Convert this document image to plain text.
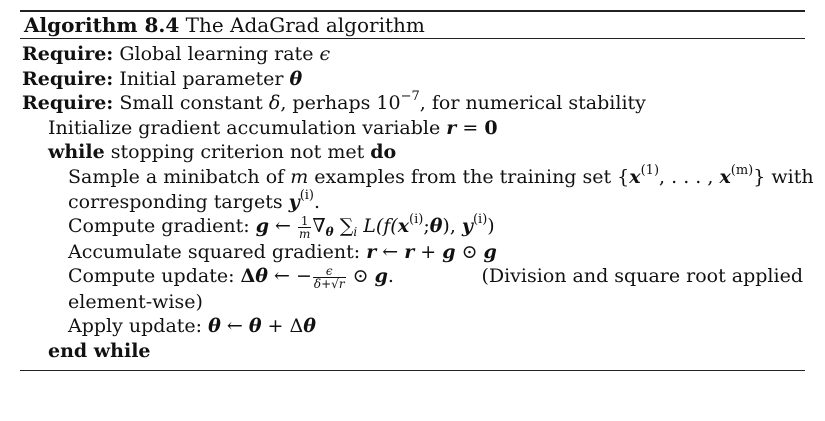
Algorithm 8.4 The AdaGrad algorithm
Require: Global learning rate ϵ
Require: Initial parameter θ
Require: Small constant δ, perhaps $10^{-7}$, for numerical stability
Initialize gradient accumulation variable r = 0
while stopping criterion not met do
Sample a minibatch of m examples from the training set {$x^{(1)}$, . . . , $x^{(m)}$} with
corresponding targets $y^{(i)}$.
Compute gradient: g ← $\frac{1}{m} \nabla_\theta$ $\sum_i$ $L(f(x^{(i)};\theta)$, $y^{(i)}$)
Accumulate squared gradient: r ← r + g ⊙ g
Compute update: Δθ ← − $\frac{\epsilon}{\delta+√r}$ ⊙ g.	(Division and square root applied
element-wise)
Apply update: θ ← θ + Δθ
end while
